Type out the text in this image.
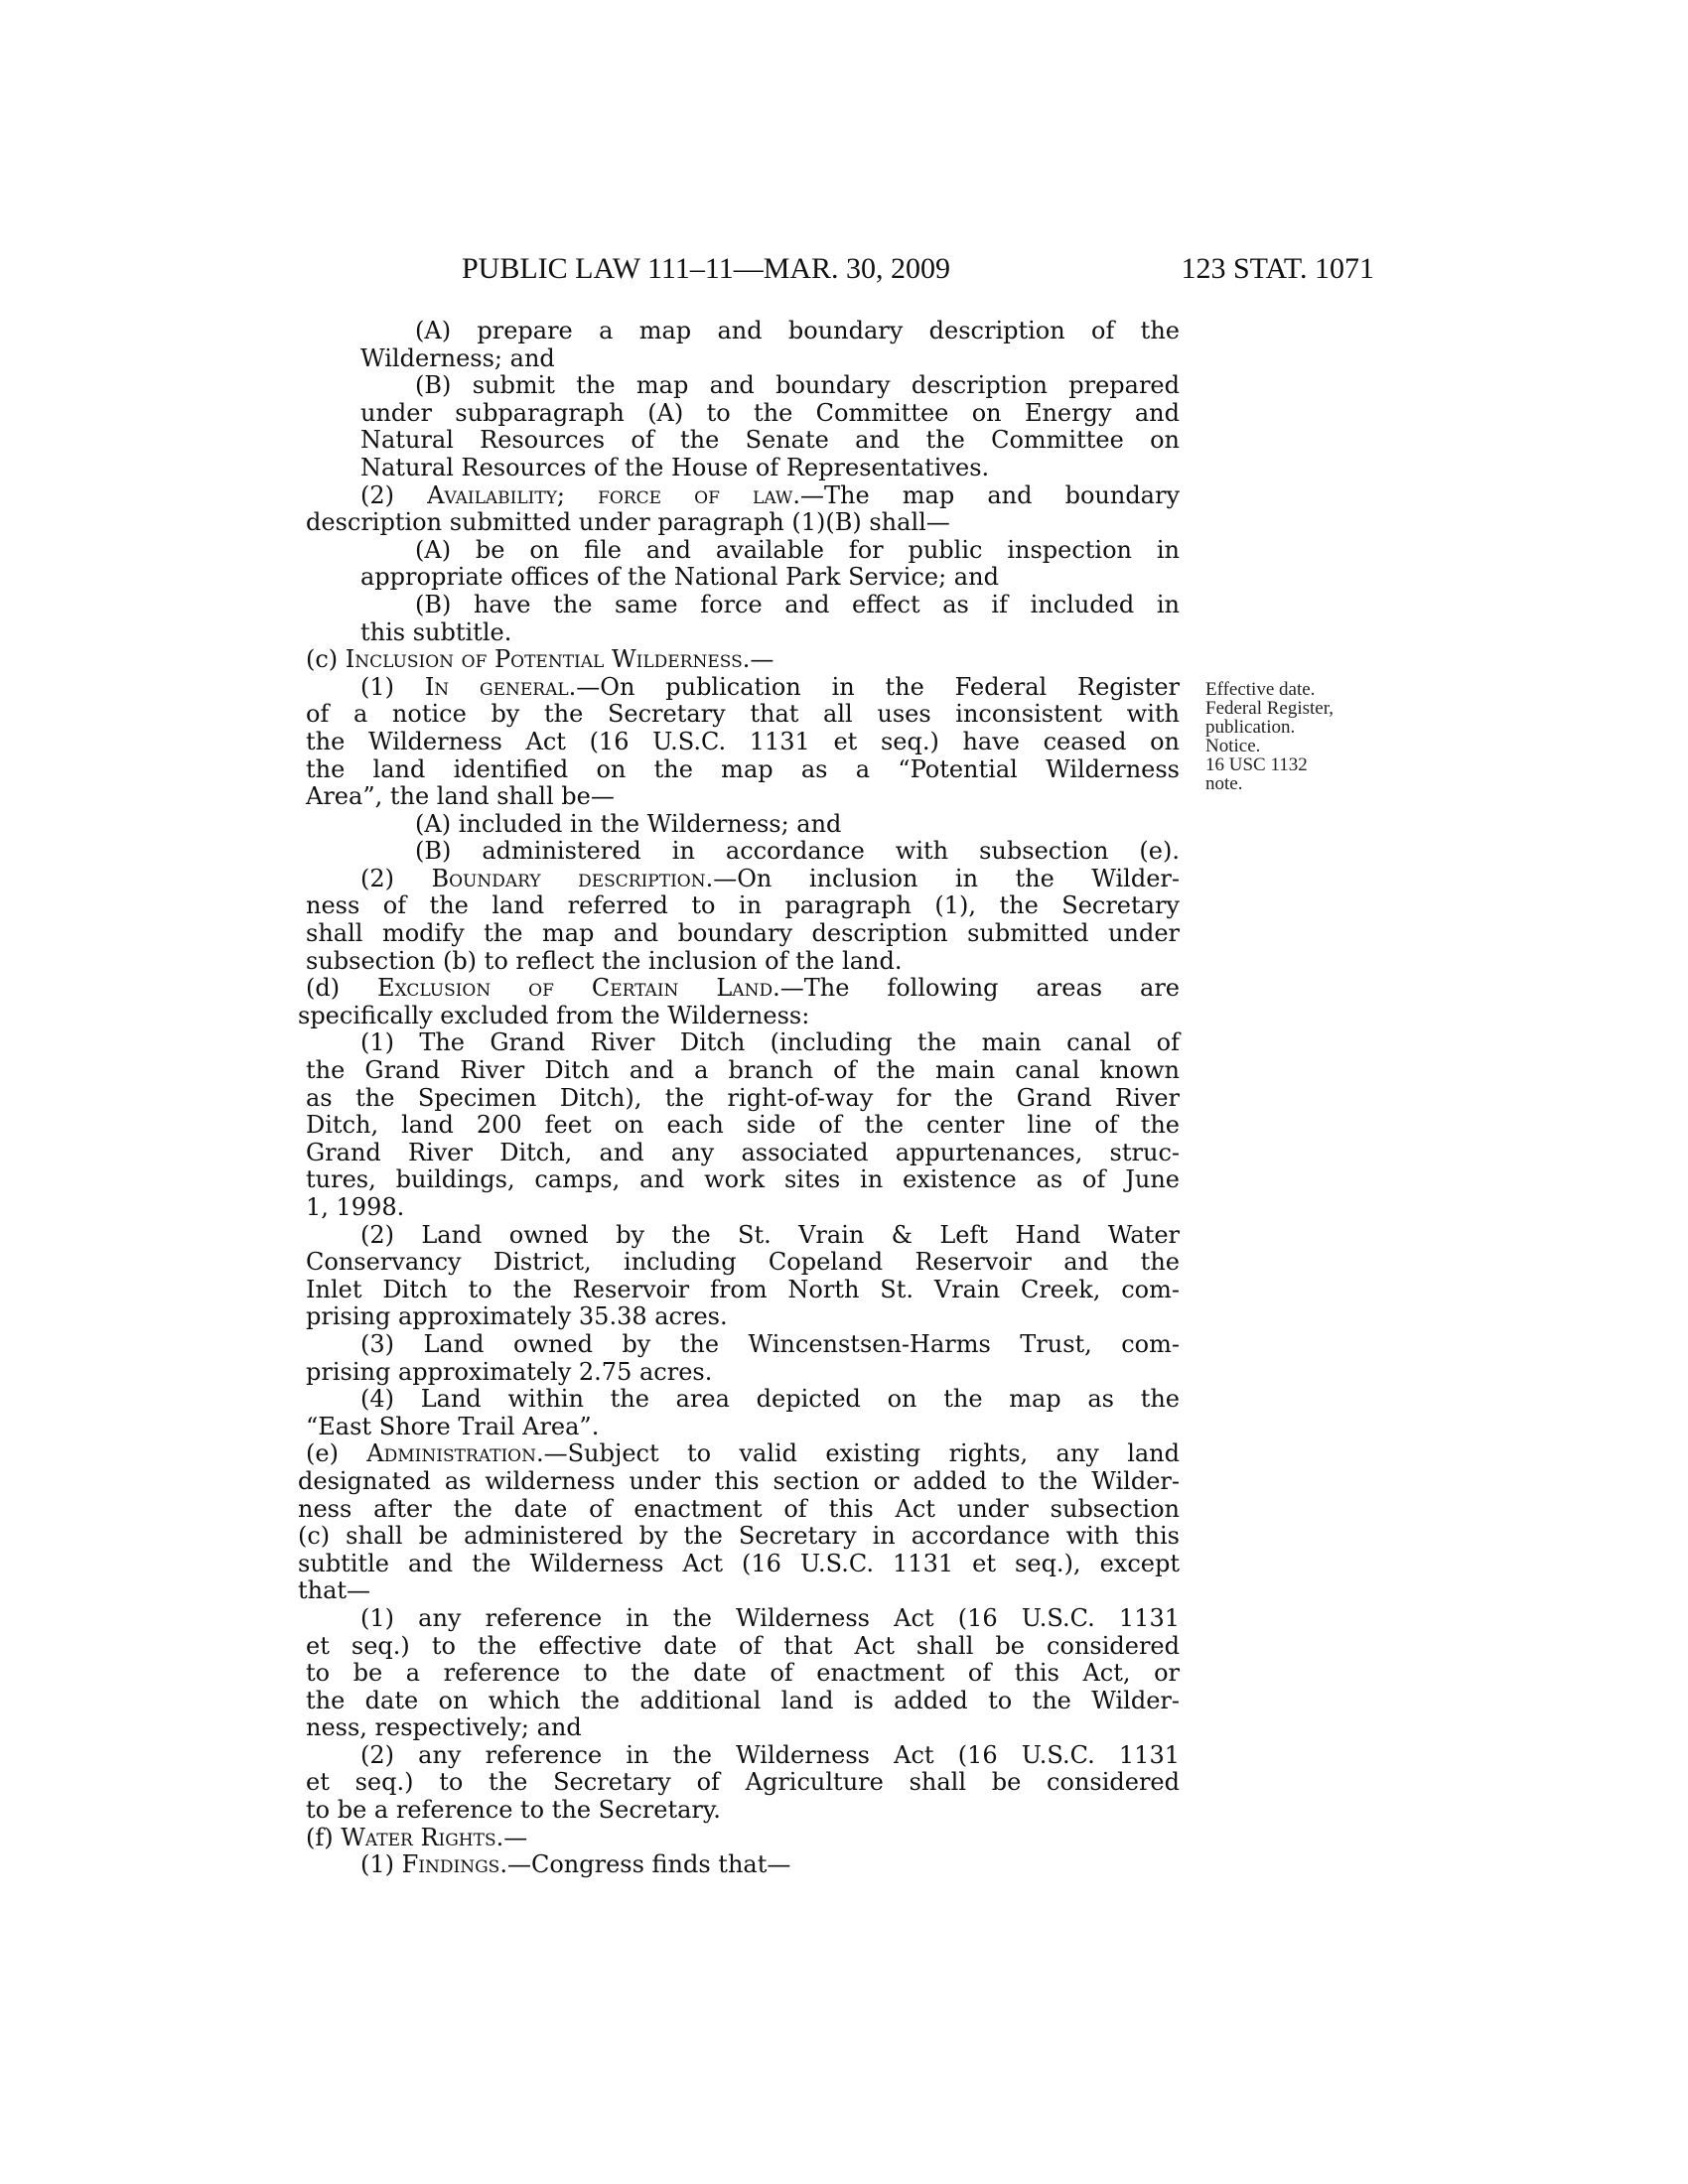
PUBLIC LAW 111–11—MAR. 30, 2009	123 STAT. 1071
(A) prepare a map and boundary description of the
Wilderness; and
(B) submit the map and boundary description prepared
under subparagraph (A) to the Committee on Energy and
Natural Resources of the Senate and the Committee on
Natural Resources of the House of Representatives.
(2) Availability; force of law.—The map and boundary
description submitted under paragraph (1)(B) shall—
(A) be on file and available for public inspection in
appropriate offices of the National Park Service; and
(B) have the same force and effect as if included in
this subtitle.
(c) Inclusion of Potential Wilderness.—
(1) In general.—On publication in the Federal Register
of a notice by the Secretary that all uses inconsistent with
the Wilderness Act (16 U.S.C. 1131 et seq.) have ceased on
the land identified on the map as a “Potential Wilderness
Area”, the land shall be—
(A) included in the Wilderness; and
(B) administered in accordance with subsection (e).
(2) Boundary description.—On inclusion in the Wilder-
ness of the land referred to in paragraph (1), the Secretary
shall modify the map and boundary description submitted under
subsection (b) to reflect the inclusion of the land.
(d) Exclusion of Certain Land.—The following areas are
specifically excluded from the Wilderness:
(1) The Grand River Ditch (including the main canal of
the Grand River Ditch and a branch of the main canal known
as the Specimen Ditch), the right-of-way for the Grand River
Ditch, land 200 feet on each side of the center line of the
Grand River Ditch, and any associated appurtenances, struc-
tures, buildings, camps, and work sites in existence as of June
1, 1998.
(2) Land owned by the St. Vrain & Left Hand Water
Conservancy District, including Copeland Reservoir and the
Inlet Ditch to the Reservoir from North St. Vrain Creek, com-
prising approximately 35.38 acres.
(3) Land owned by the Wincenstsen-Harms Trust, com-
prising approximately 2.75 acres.
(4) Land within the area depicted on the map as the
“East Shore Trail Area”.
(e) Administration.—Subject to valid existing rights, any land
designated as wilderness under this section or added to the Wilder-
ness after the date of enactment of this Act under subsection
(c) shall be administered by the Secretary in accordance with this
subtitle and the Wilderness Act (16 U.S.C. 1131 et seq.), except
that—
(1) any reference in the Wilderness Act (16 U.S.C. 1131
et seq.) to the effective date of that Act shall be considered
to be a reference to the date of enactment of this Act, or
the date on which the additional land is added to the Wilder-
ness, respectively; and
(2) any reference in the Wilderness Act (16 U.S.C. 1131
et seq.) to the Secretary of Agriculture shall be considered
to be a reference to the Secretary.
(f) Water Rights.—
(1) Findings.—Congress finds that—
Effective date.
Federal Register,
publication.
Notice.
16 USC 1132
note.
